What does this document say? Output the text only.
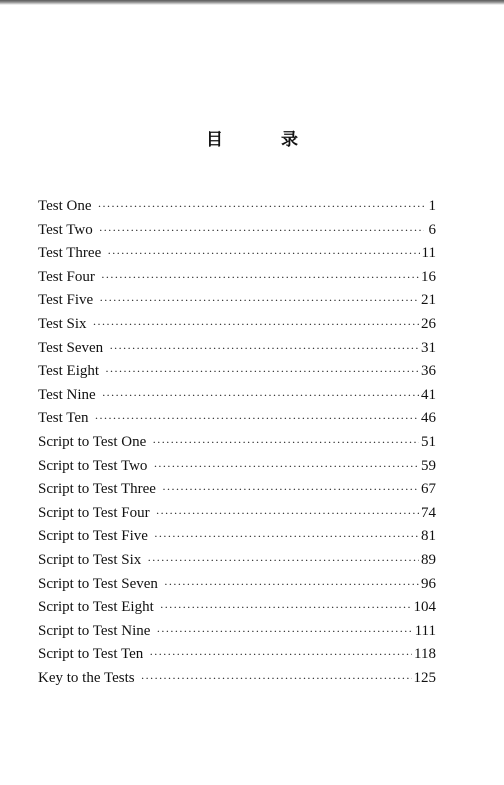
目 录
Test One ·····	1
Test Two ·····	6
Test Three ·····	11
Test Four ·····	16
Test Five ·····	21
Test Six ·····	26
Test Seven ·····	31
Test Eight ·····	36
Test Nine ·····	41
Test Ten ·····	46
Script to Test One ·····	51
Script to Test Two ·····	59
Script to Test Three ·····	67
Script to Test Four ·····	74
Script to Test Five ·····	81
Script to Test Six ·····	89
Script to Test Seven ·····	96
Script to Test Eight ·····	104
Script to Test Nine ·····	111
Script to Test Ten ·····	118
Key to the Tests ·····	125
